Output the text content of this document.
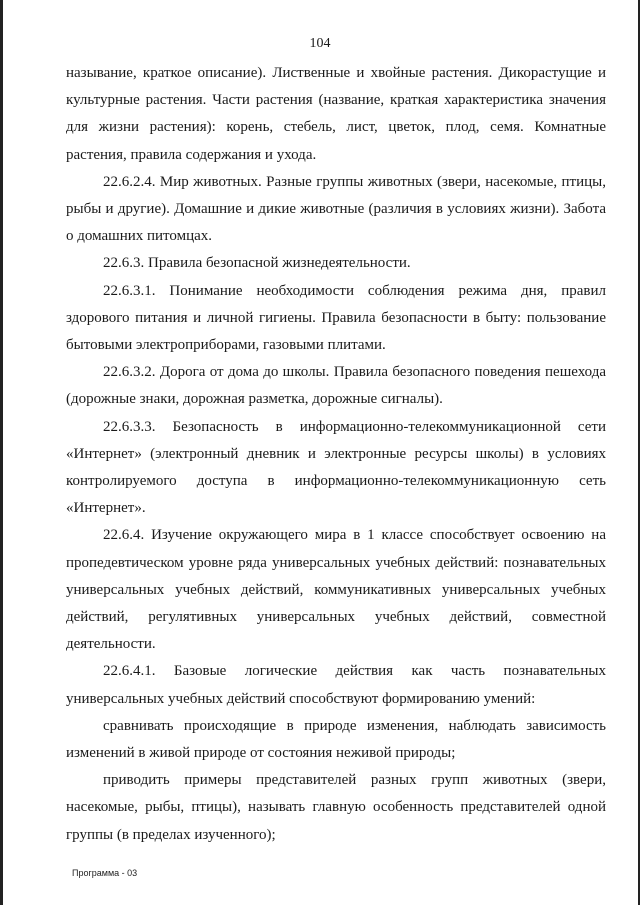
104

называние, краткое описание). Лиственные и хвойные растения. Дикорастущие и культурные растения. Части растения (название, краткая характеристика значения для жизни растения): корень, стебель, лист, цветок, плод, семя. Комнатные растения, правила содержания и ухода.

22.6.2.4. Мир животных. Разные группы животных (звери, насекомые, птицы, рыбы и другие). Домашние и дикие животные (различия в условиях жизни). Забота о домашних питомцах.

22.6.3. Правила безопасной жизнедеятельности.

22.6.3.1. Понимание необходимости соблюдения режима дня, правил здорового питания и личной гигиены. Правила безопасности в быту: пользование бытовыми электроприборами, газовыми плитами.

22.6.3.2. Дорога от дома до школы. Правила безопасного поведения пешехода (дорожные знаки, дорожная разметка, дорожные сигналы).

22.6.3.3. Безопасность в информационно-телекоммуникационной сети «Интернет» (электронный дневник и электронные ресурсы школы) в условиях контролируемого доступа в информационно-телекоммуникационную сеть «Интернет».

22.6.4. Изучение окружающего мира в 1 классе способствует освоению на пропедевтическом уровне ряда универсальных учебных действий: познавательных универсальных учебных действий, коммуникативных универсальных учебных действий, регулятивных универсальных учебных действий, совместной деятельности.

22.6.4.1. Базовые логические действия как часть познавательных универсальных учебных действий способствуют формированию умений:

сравнивать происходящие в природе изменения, наблюдать зависимость изменений в живой природе от состояния неживой природы;

приводить примеры представителей разных групп животных (звери, насекомые, рыбы, птицы), называть главную особенность представителей одной группы (в пределах изученного);

Программа - 03
